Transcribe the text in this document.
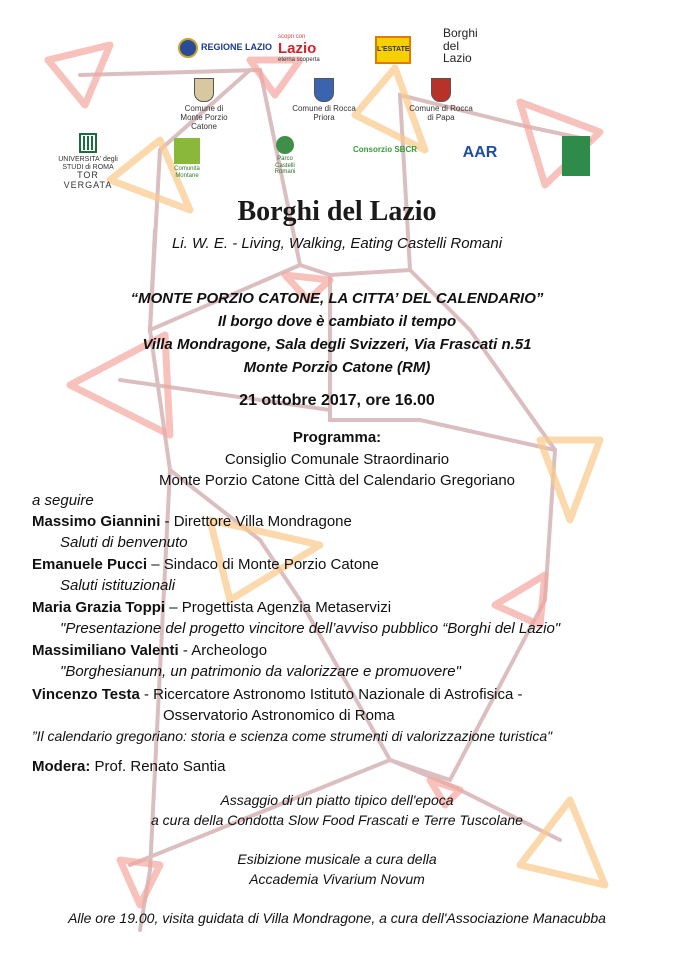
REGIONE LAZIO
scopri con
Lazio
eterna scoperta
L'ESTATE
Borghi
del
Lazio
Comune di
Monte Porzio Catone
Comune di Rocca Priora
Comune di Rocca di Papa
UNIVERSITA' degli STUDI di ROMA
TOR VERGATA
Comunità
Montane
Parco
Castelli
Romani
Consorzio SBCR	AAR
Borghi del Lazio
Li. W. E. - Living, Walking, Eating Castelli Romani
“MONTE PORZIO CATONE, LA CITTA’ DEL CALENDARIO”
Il borgo dove è cambiato il tempo
Villa Mondragone, Sala degli Svizzeri, Via Frascati n.51
Monte Porzio Catone (RM)
21 ottobre 2017, ore 16.00
Programma:
Consiglio Comunale Straordinario
Monte Porzio Catone Città del Calendario Gregoriano
a seguire
Massimo Giannini - Direttore Villa Mondragone
Saluti di benvenuto
Emanuele Pucci – Sindaco di Monte Porzio Catone
Saluti istituzionali
Maria Grazia Toppi – Progettista Agenzia Metaservizi
"Presentazione del progetto vincitore dell’avviso pubblico “Borghi del Lazio"
Massimiliano Valenti - Archeologo
"Borghesianum, un patrimonio da valorizzare e promuovere"
Vincenzo Testa - Ricercatore Astronomo Istituto Nazionale di Astrofisica -
Osservatorio Astronomico di Roma
”Il calendario gregoriano: storia e scienza come strumenti di valorizzazione turistica"
Modera: Prof. Renato Santia
Assaggio di un piatto tipico dell'epoca
a cura della Condotta Slow Food Frascati e Terre Tuscolane
Esibizione musicale a cura della
Accademia Vivarium Novum
Alle ore 19.00, visita guidata di Villa Mondragone, a cura dell'Associazione Manacubba
